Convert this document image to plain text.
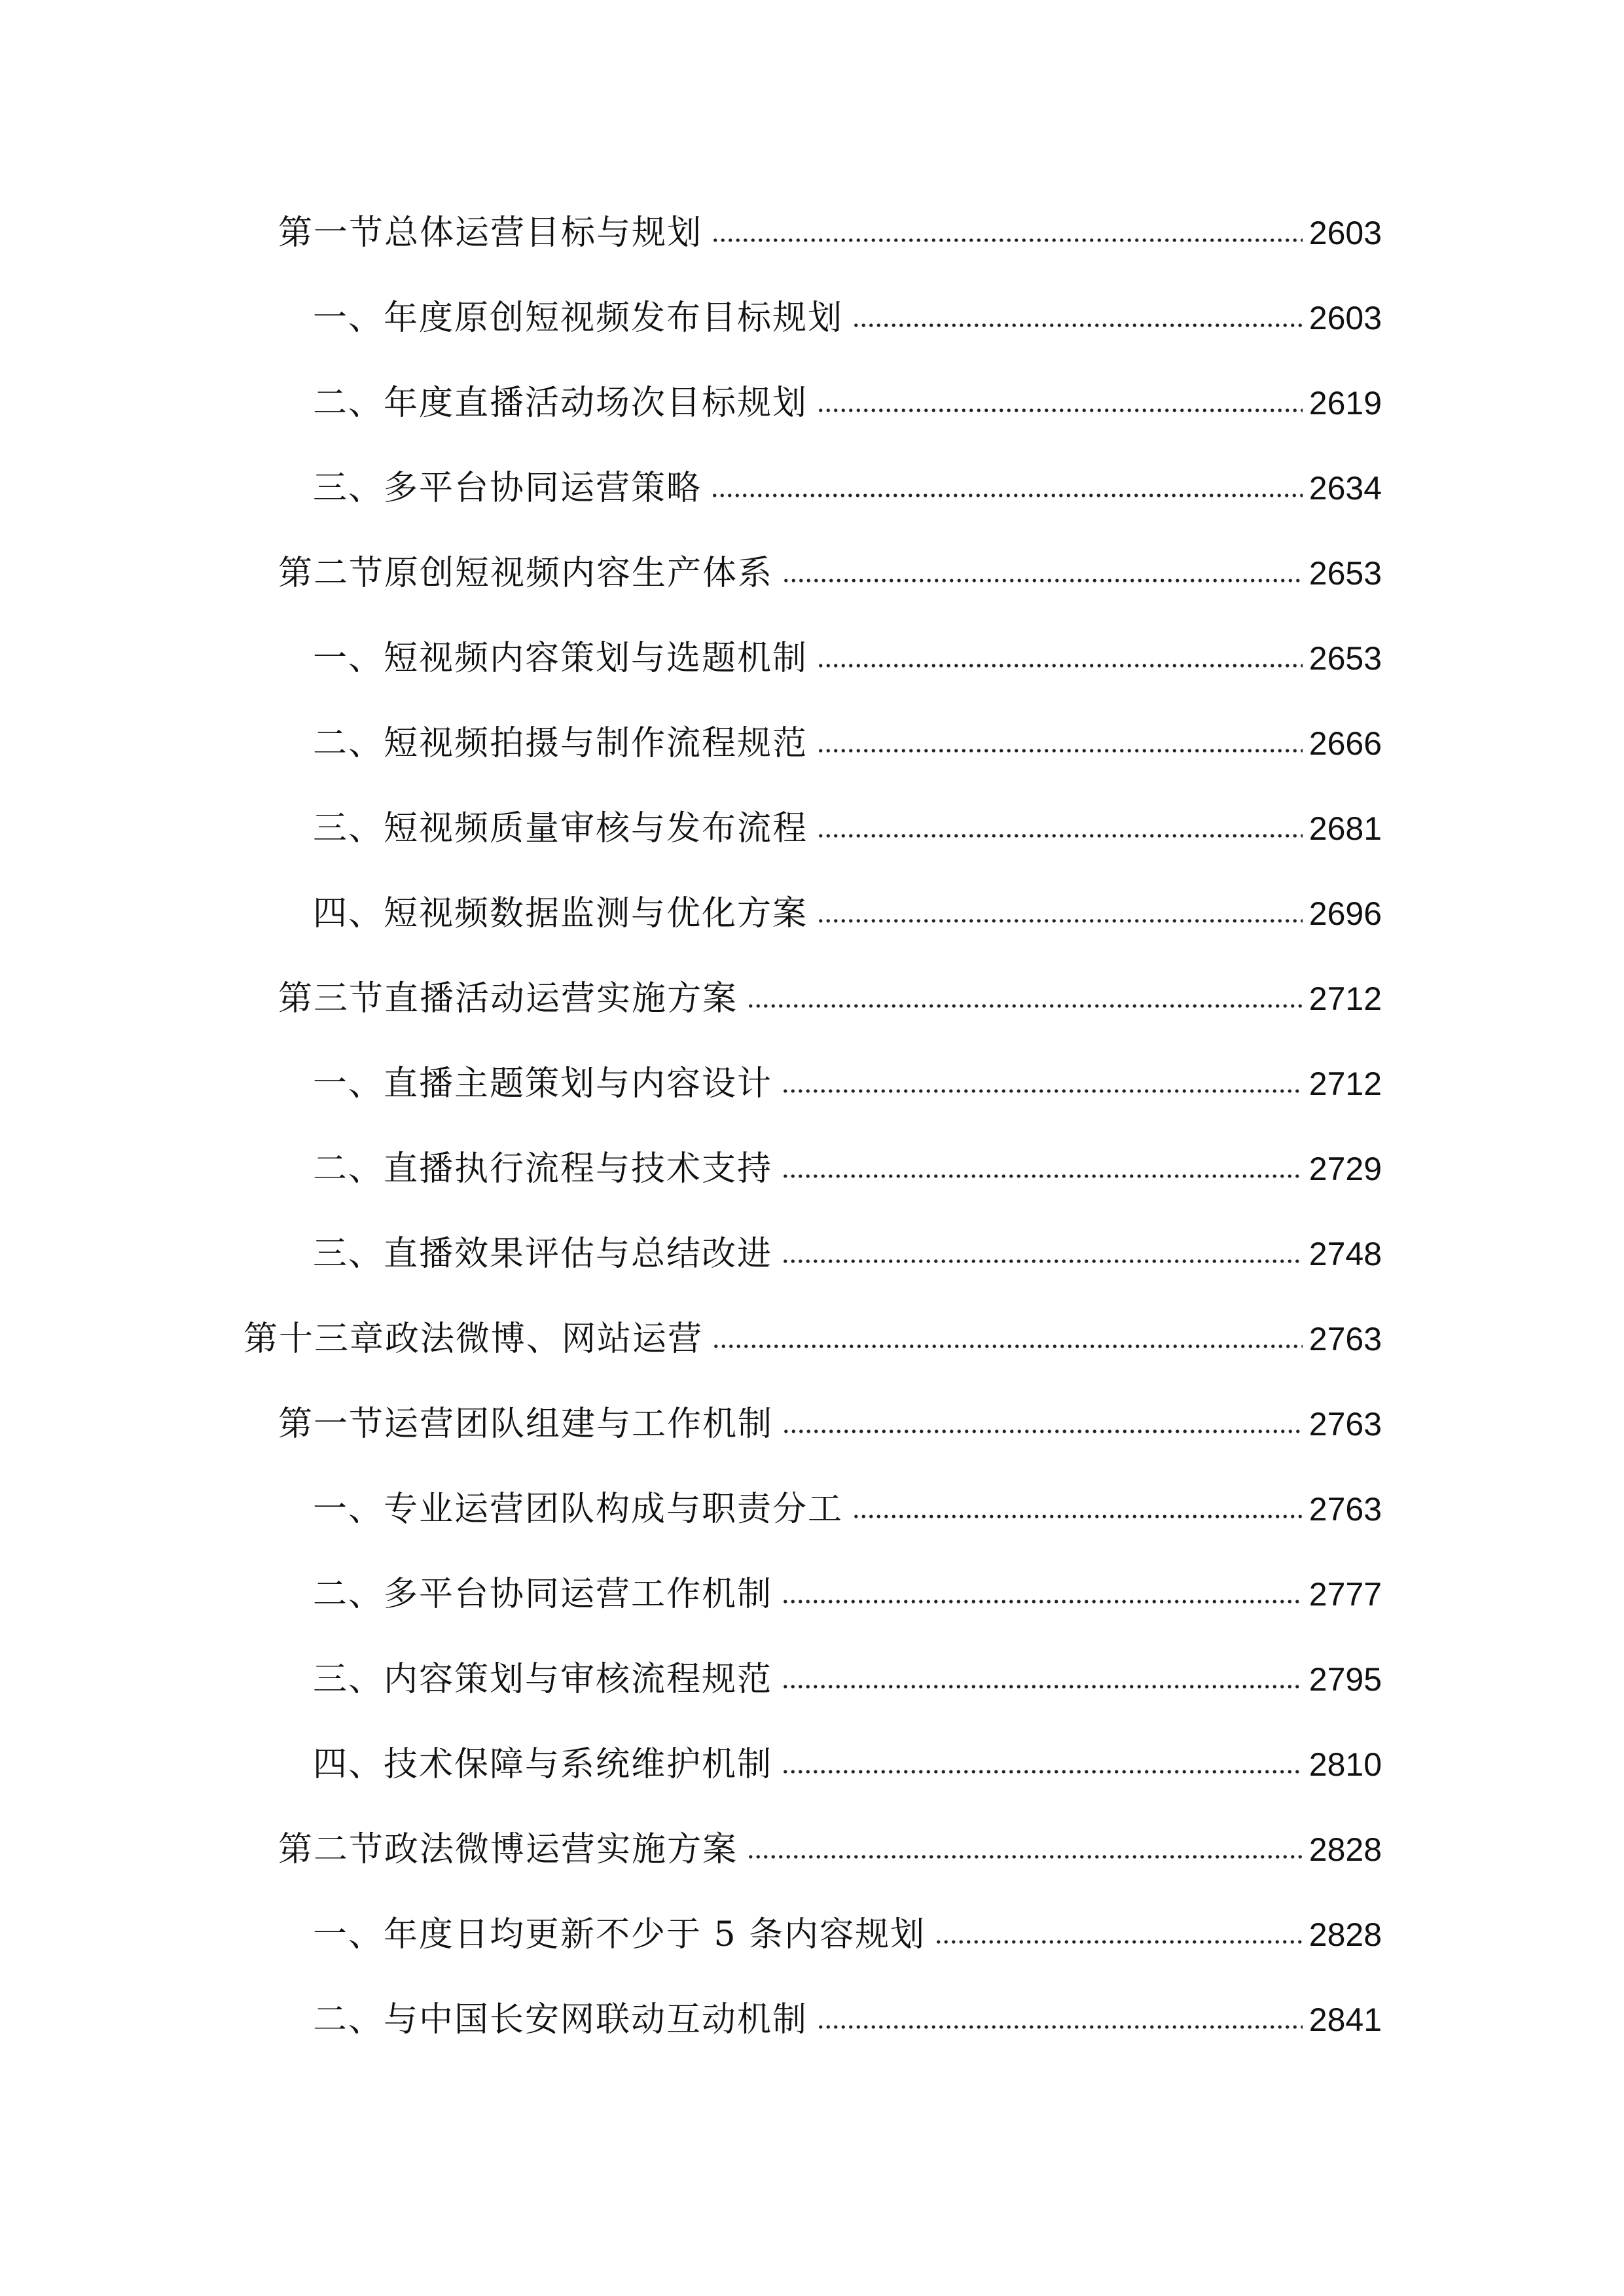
第一节总体运营目标与规划	2603
一、年度原创短视频发布目标规划	2603
二、年度直播活动场次目标规划	2619
三、多平台协同运营策略	2634
第二节原创短视频内容生产体系	2653
一、短视频内容策划与选题机制	2653
二、短视频拍摄与制作流程规范	2666
三、短视频质量审核与发布流程	2681
四、短视频数据监测与优化方案	2696
第三节直播活动运营实施方案	2712
一、直播主题策划与内容设计	2712
二、直播执行流程与技术支持	2729
三、直播效果评估与总结改进	2748
第十三章政法微博、网站运营	2763
第一节运营团队组建与工作机制	2763
一、专业运营团队构成与职责分工	2763
二、多平台协同运营工作机制	2777
三、内容策划与审核流程规范	2795
四、技术保障与系统维护机制	2810
第二节政法微博运营实施方案	2828
一、年度日均更新不少于 5 条内容规划	2828
二、与中国长安网联动互动机制	2841
